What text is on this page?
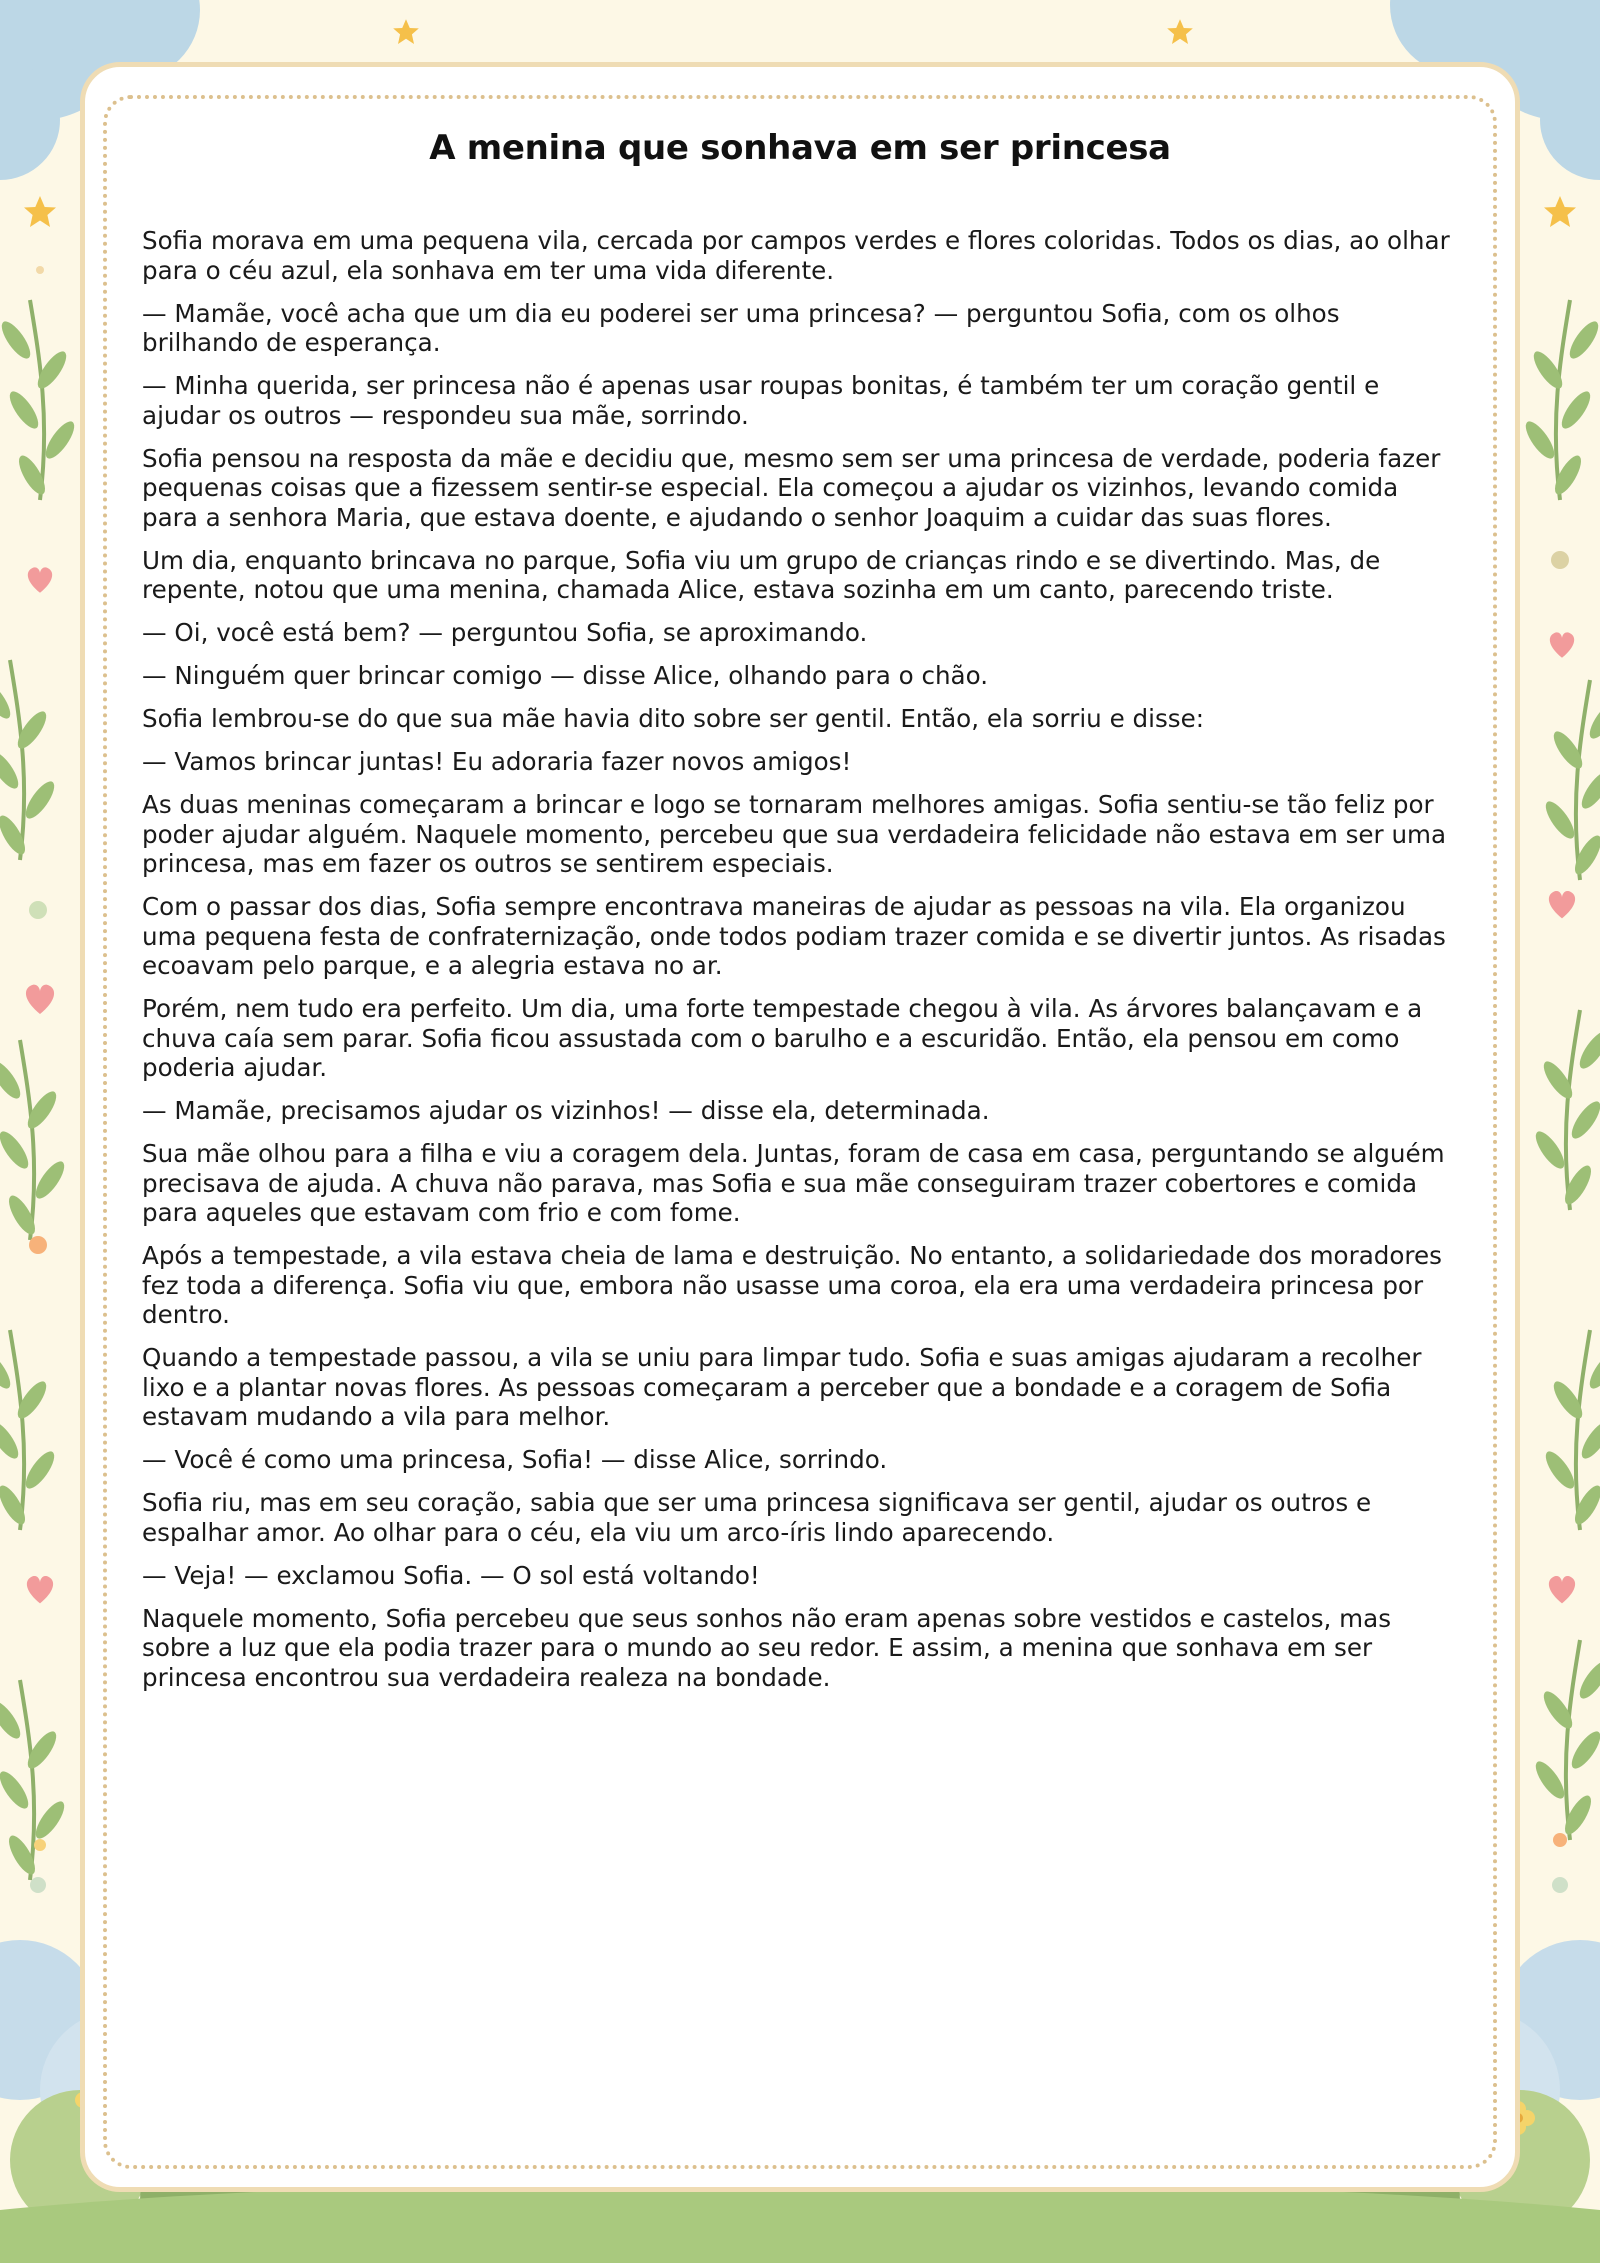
A menina que sonhava em ser princesa

Sofia morava em uma pequena vila, cercada por campos verdes e flores coloridas. Todos os dias, ao olhar para o céu azul, ela sonhava em ter uma vida diferente.

— Mamãe, você acha que um dia eu poderei ser uma princesa? — perguntou Sofia, com os olhos brilhando de esperança.

— Minha querida, ser princesa não é apenas usar roupas bonitas, é também ter um coração gentil e ajudar os outros — respondeu sua mãe, sorrindo.

Sofia pensou na resposta da mãe e decidiu que, mesmo sem ser uma princesa de verdade, poderia fazer pequenas coisas que a fizessem sentir-se especial. Ela começou a ajudar os vizinhos, levando comida para a senhora Maria, que estava doente, e ajudando o senhor Joaquim a cuidar das suas flores.

Um dia, enquanto brincava no parque, Sofia viu um grupo de crianças rindo e se divertindo. Mas, de repente, notou que uma menina, chamada Alice, estava sozinha em um canto, parecendo triste.

— Oi, você está bem? — perguntou Sofia, se aproximando.

— Ninguém quer brincar comigo — disse Alice, olhando para o chão.

Sofia lembrou-se do que sua mãe havia dito sobre ser gentil. Então, ela sorriu e disse:

— Vamos brincar juntas! Eu adoraria fazer novos amigos!

As duas meninas começaram a brincar e logo se tornaram melhores amigas. Sofia sentiu-se tão feliz por poder ajudar alguém. Naquele momento, percebeu que sua verdadeira felicidade não estava em ser uma princesa, mas em fazer os outros se sentirem especiais.

Com o passar dos dias, Sofia sempre encontrava maneiras de ajudar as pessoas na vila. Ela organizou uma pequena festa de confraternização, onde todos podiam trazer comida e se divertir juntos. As risadas ecoavam pelo parque, e a alegria estava no ar.

Porém, nem tudo era perfeito. Um dia, uma forte tempestade chegou à vila. As árvores balançavam e a chuva caía sem parar. Sofia ficou assustada com o barulho e a escuridão. Então, ela pensou em como poderia ajudar.

— Mamãe, precisamos ajudar os vizinhos! — disse ela, determinada.

Sua mãe olhou para a filha e viu a coragem dela. Juntas, foram de casa em casa, perguntando se alguém precisava de ajuda. A chuva não parava, mas Sofia e sua mãe conseguiram trazer cobertores e comida para aqueles que estavam com frio e com fome.

Após a tempestade, a vila estava cheia de lama e destruição. No entanto, a solidariedade dos moradores fez toda a diferença. Sofia viu que, embora não usasse uma coroa, ela era uma verdadeira princesa por dentro.

Quando a tempestade passou, a vila se uniu para limpar tudo. Sofia e suas amigas ajudaram a recolher lixo e a plantar novas flores. As pessoas começaram a perceber que a bondade e a coragem de Sofia estavam mudando a vila para melhor.

— Você é como uma princesa, Sofia! — disse Alice, sorrindo.

Sofia riu, mas em seu coração, sabia que ser uma princesa significava ser gentil, ajudar os outros e espalhar amor. Ao olhar para o céu, ela viu um arco-íris lindo aparecendo.

— Veja! — exclamou Sofia. — O sol está voltando!

Naquele momento, Sofia percebeu que seus sonhos não eram apenas sobre vestidos e castelos, mas sobre a luz que ela podia trazer para o mundo ao seu redor. E assim, a menina que sonhava em ser princesa encontrou sua verdadeira realeza na bondade.
